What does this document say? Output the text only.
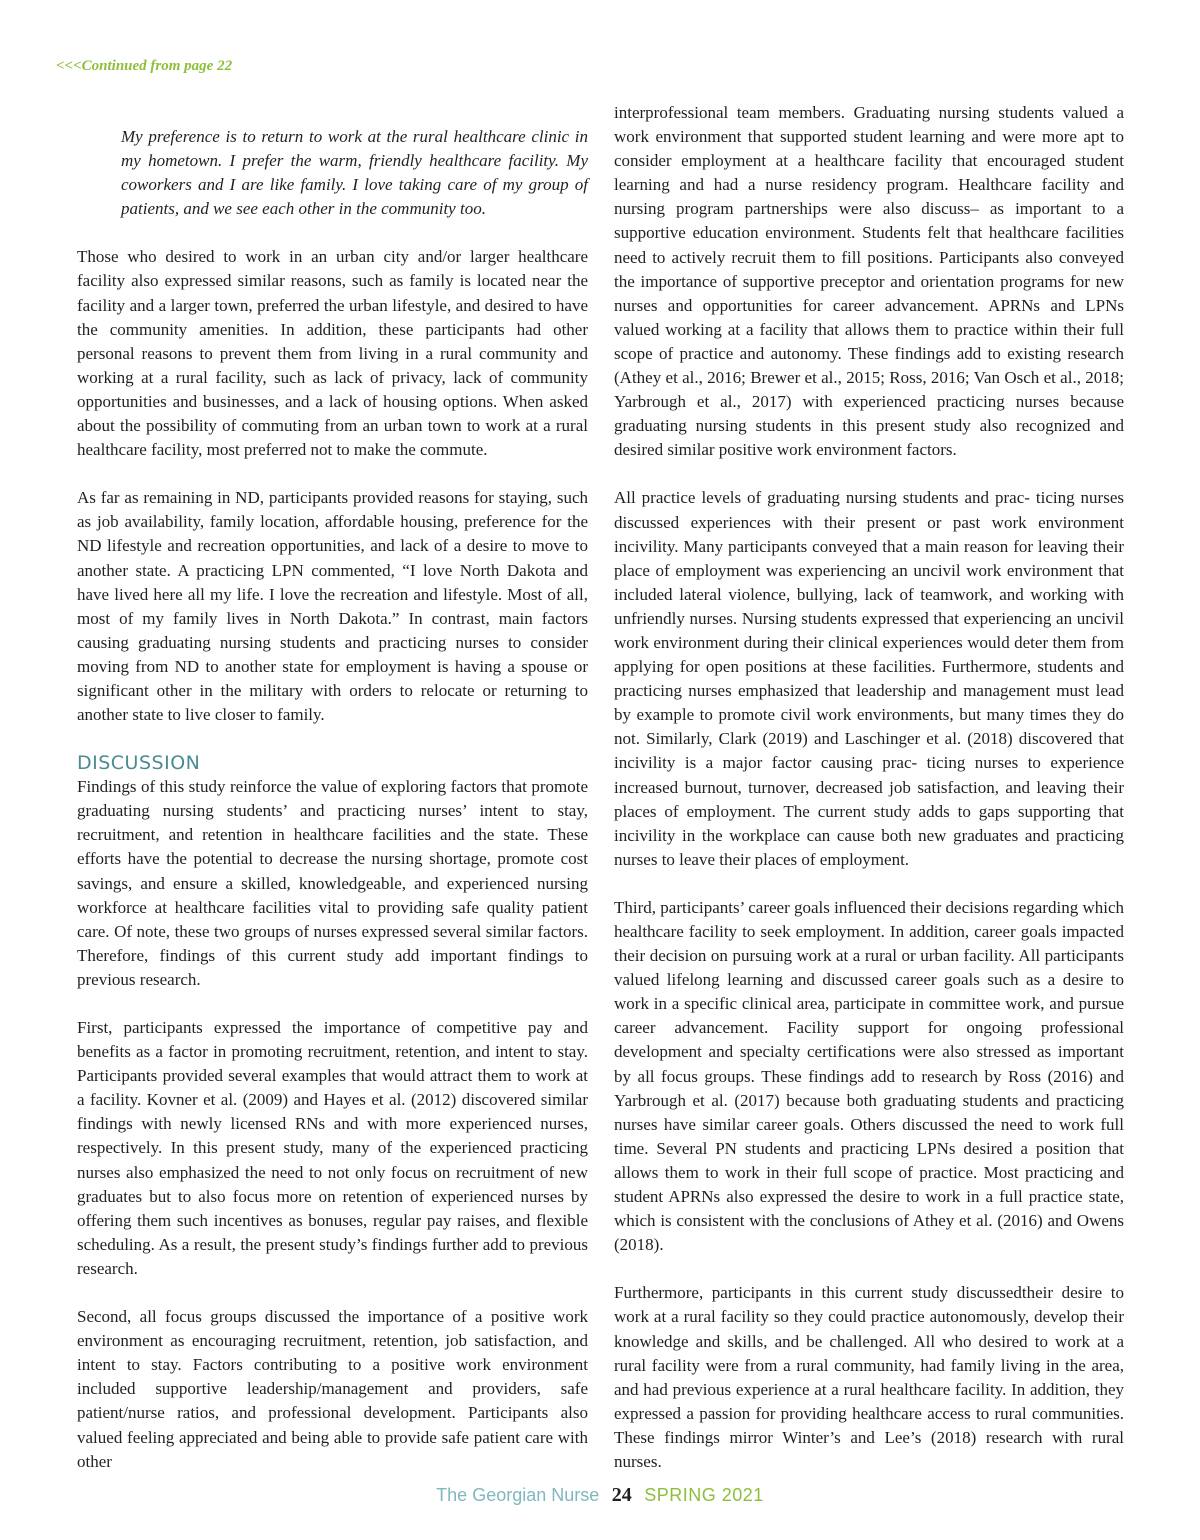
<<<Continued from page 22

My preference is to return to work at the rural healthcare clinic in my hometown. I prefer the warm, friendly healthcare facility. My coworkers and I are like family. I love taking care of my group of patients, and we see each other in the community too.

Those who desired to work in an urban city and/or larger healthcare facility also expressed similar reasons, such as family is located near the facility and a larger town, preferred the urban lifestyle, and desired to have the community amenities. In addition, these participants had other personal reasons to prevent them from living in a rural community and working at a rural facility, such as lack of privacy, lack of community opportunities and businesses, and a lack of housing options. When asked about the possibility of commuting from an urban town to work at a rural healthcare facility, most preferred not to make the commute.

As far as remaining in ND, participants provided reasons for staying, such as job availability, family location, affordable housing, preference for the ND lifestyle and recreation opportunities, and lack of a desire to move to another state. A practicing LPN commented, “I love North Dakota and have lived here all my life. I love the recreation and lifestyle. Most of all, most of my family lives in North Dakota.” In contrast, main factors causing graduating nursing students and practicing nurses to consider moving from ND to another state for employment is having a spouse or significant other in the military with orders to relocate or returning to another state to live closer to family.

DISCUSSION

Findings of this study reinforce the value of exploring factors that promote graduating nursing students’ and practicing nurses’ intent to stay, recruitment, and retention in healthcare facilities and the state. These efforts have the potential to decrease the nursing shortage, promote cost savings, and ensure a skilled, knowledgeable, and experienced nursing workforce at healthcare facilities vital to providing safe quality patient care. Of note, these two groups of nurses expressed several similar factors. Therefore, findings of this current study add important findings to previous research.

First, participants expressed the importance of competitive pay and benefits as a factor in promoting recruitment, retention, and intent to stay. Participants provided several examples that would attract them to work at a facility. Kovner et al. (2009) and Hayes et al. (2012) discovered similar findings with newly licensed RNs and with more experienced nurses, respectively. In this present study, many of the experienced practicing nurses also emphasized the need to not only focus on recruitment of new graduates but to also focus more on retention of experienced nurses by offering them such incentives as bonuses, regular pay raises, and flexible scheduling. As a result, the present study’s findings further add to previous research.

Second, all focus groups discussed the importance of a positive work environment as encouraging recruitment, retention, job satisfaction, and intent to stay. Factors contributing to a positive work environment included supportive leadership/management and providers, safe patient/nurse ratios, and professional development. Participants also valued feeling appreciated and being able to provide safe patient care with other

interprofessional team members. Graduating nursing students valued a work environment that supported student learning and were more apt to consider employment at a healthcare facility that encouraged student learning and had a nurse residency program. Healthcare facility and nursing program partnerships were also discuss– as important to a supportive education environment. Students felt that healthcare facilities need to actively recruit them to fill positions. Participants also conveyed the importance of supportive preceptor and orientation programs for new nurses and opportunities for career advancement. APRNs and LPNs valued working at a facility that allows them to practice within their full scope of practice and autonomy. These findings add to existing research (Athey et al., 2016; Brewer et al., 2015; Ross, 2016; Van Osch et al., 2018; Yarbrough et al., 2017) with experienced practicing nurses because graduating nursing students in this present study also recognized and desired similar positive work environment factors.

All practice levels of graduating nursing students and prac- ticing nurses discussed experiences with their present or past work environment incivility. Many participants conveyed that a main reason for leaving their place of employment was experiencing an uncivil work environment that included lateral violence, bullying, lack of teamwork, and working with unfriendly nurses. Nursing students expressed that experiencing an uncivil work environment during their clinical experiences would deter them from applying for open positions at these facilities. Furthermore, students and practicing nurses emphasized that leadership and management must lead by example to promote civil work environments, but many times they do not. Similarly, Clark (2019) and Laschinger et al. (2018) discovered that incivility is a major factor causing prac- ticing nurses to experience increased burnout, turnover, decreased job satisfaction, and leaving their places of employment. The current study adds to gaps supporting that incivility in the workplace can cause both new graduates and practicing nurses to leave their places of employment.

Third, participants’ career goals influenced their decisions regarding which healthcare facility to seek employment. In addition, career goals impacted their decision on pursuing work at a rural or urban facility. All participants valued lifelong learning and discussed career goals such as a desire to work in a specific clinical area, participate in committee work, and pursue career advancement. Facility support for ongoing professional development and specialty certifications were also stressed as important by all focus groups. These findings add to research by Ross (2016) and Yarbrough et al. (2017) because both graduating students and practicing nurses have similar career goals. Others discussed the need to work full time. Several PN students and practicing LPNs desired a position that allows them to work in their full scope of practice. Most practicing and student APRNs also expressed the desire to work in a full practice state, which is consistent with the conclusions of Athey et al. (2016) and Owens (2018).

Furthermore, participants in this current study discussedtheir desire to work at a rural facility so they could practice autonomously, develop their knowledge and skills, and be challenged. All who desired to work at a rural facility were from a rural community, had family living in the area, and had previous experience at a rural healthcare facility. In addition, they expressed a passion for providing healthcare access to rural communities. These findings mirror Winter’s and Lee’s (2018) research with rural nurses.

The Georgian Nurse 24 SPRING 2021
